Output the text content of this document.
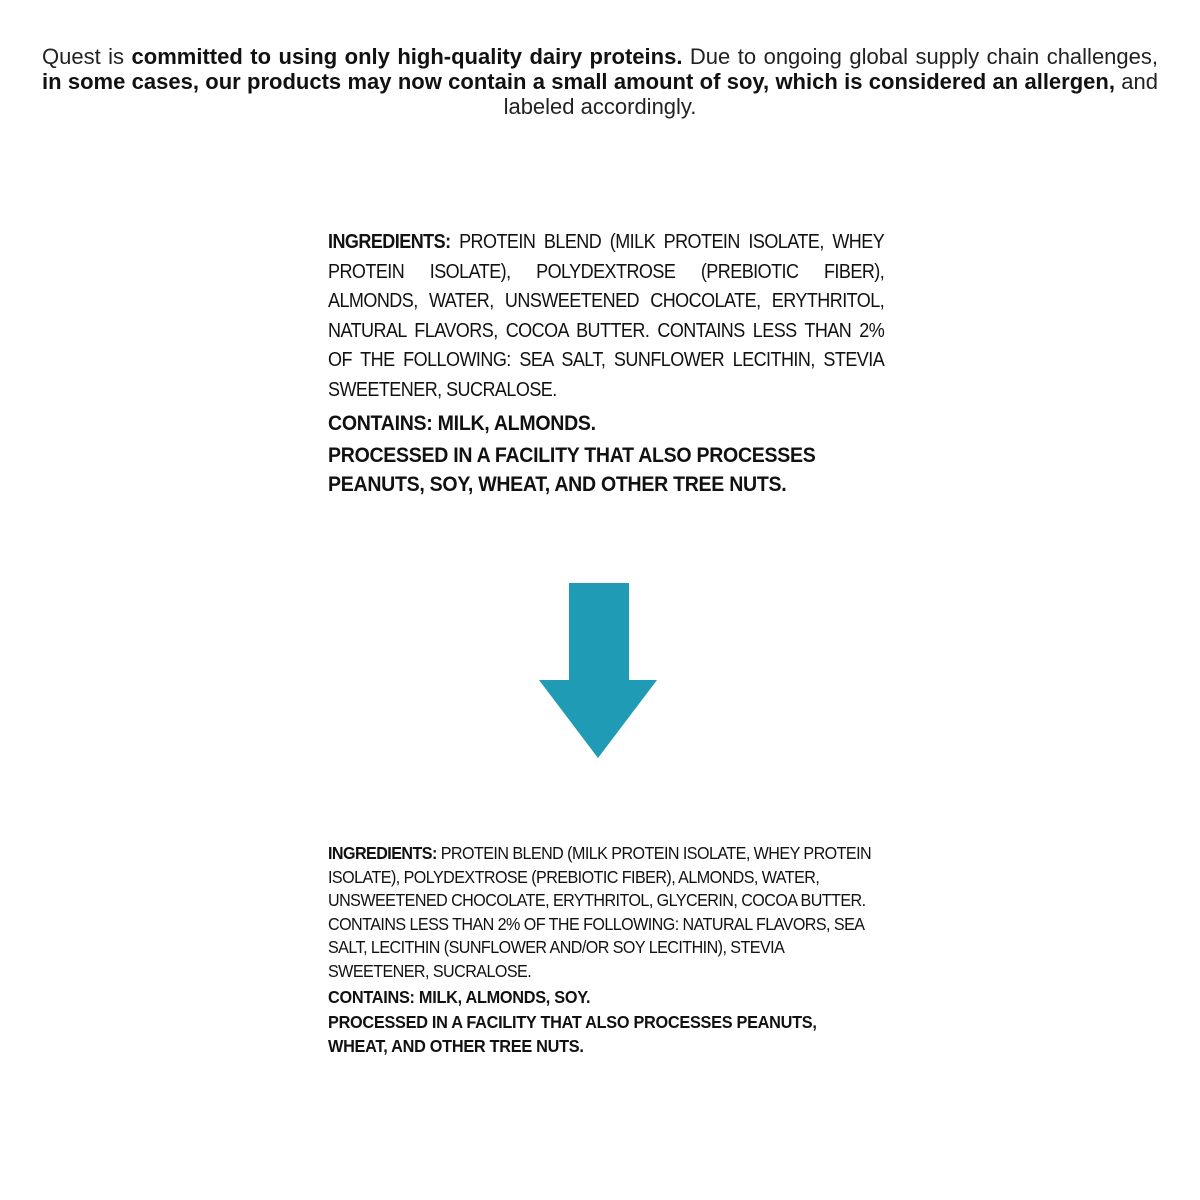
Quest is committed to using only high-quality dairy proteins. Due to ongoing global supply chain challenges, in some cases, our products may now contain a small amount of soy, which is considered an allergen, and labeled accordingly.

INGREDIENTS: PROTEIN BLEND (MILK PROTEIN ISOLATE, WHEY PROTEIN ISOLATE), POLYDEXTROSE (PREBIOTIC FIBER), ALMONDS, WATER, UNSWEETENED CHOCOLATE, ERYTHRITOL, NATURAL FLAVORS, COCOA BUTTER. CONTAINS LESS THAN 2% OF THE FOLLOWING: SEA SALT, SUNFLOWER LECITHIN, STEVIA SWEETENER, SUCRALOSE.

CONTAINS: MILK, ALMONDS.

PROCESSED IN A FACILITY THAT ALSO PROCESSES PEANUTS, SOY, WHEAT, AND OTHER TREE NUTS.

INGREDIENTS: PROTEIN BLEND (MILK PROTEIN ISOLATE, WHEY PROTEIN ISOLATE), POLYDEXTROSE (PREBIOTIC FIBER), ALMONDS, WATER, UNSWEETENED CHOCOLATE, ERYTHRITOL, GLYCERIN, COCOA BUTTER. CONTAINS LESS THAN 2% OF THE FOLLOWING: NATURAL FLAVORS, SEA SALT, LECITHIN (SUNFLOWER AND/OR SOY LECITHIN), STEVIA SWEETENER, SUCRALOSE.

CONTAINS: MILK, ALMONDS, SOY.

PROCESSED IN A FACILITY THAT ALSO PROCESSES PEANUTS, WHEAT, AND OTHER TREE NUTS.
